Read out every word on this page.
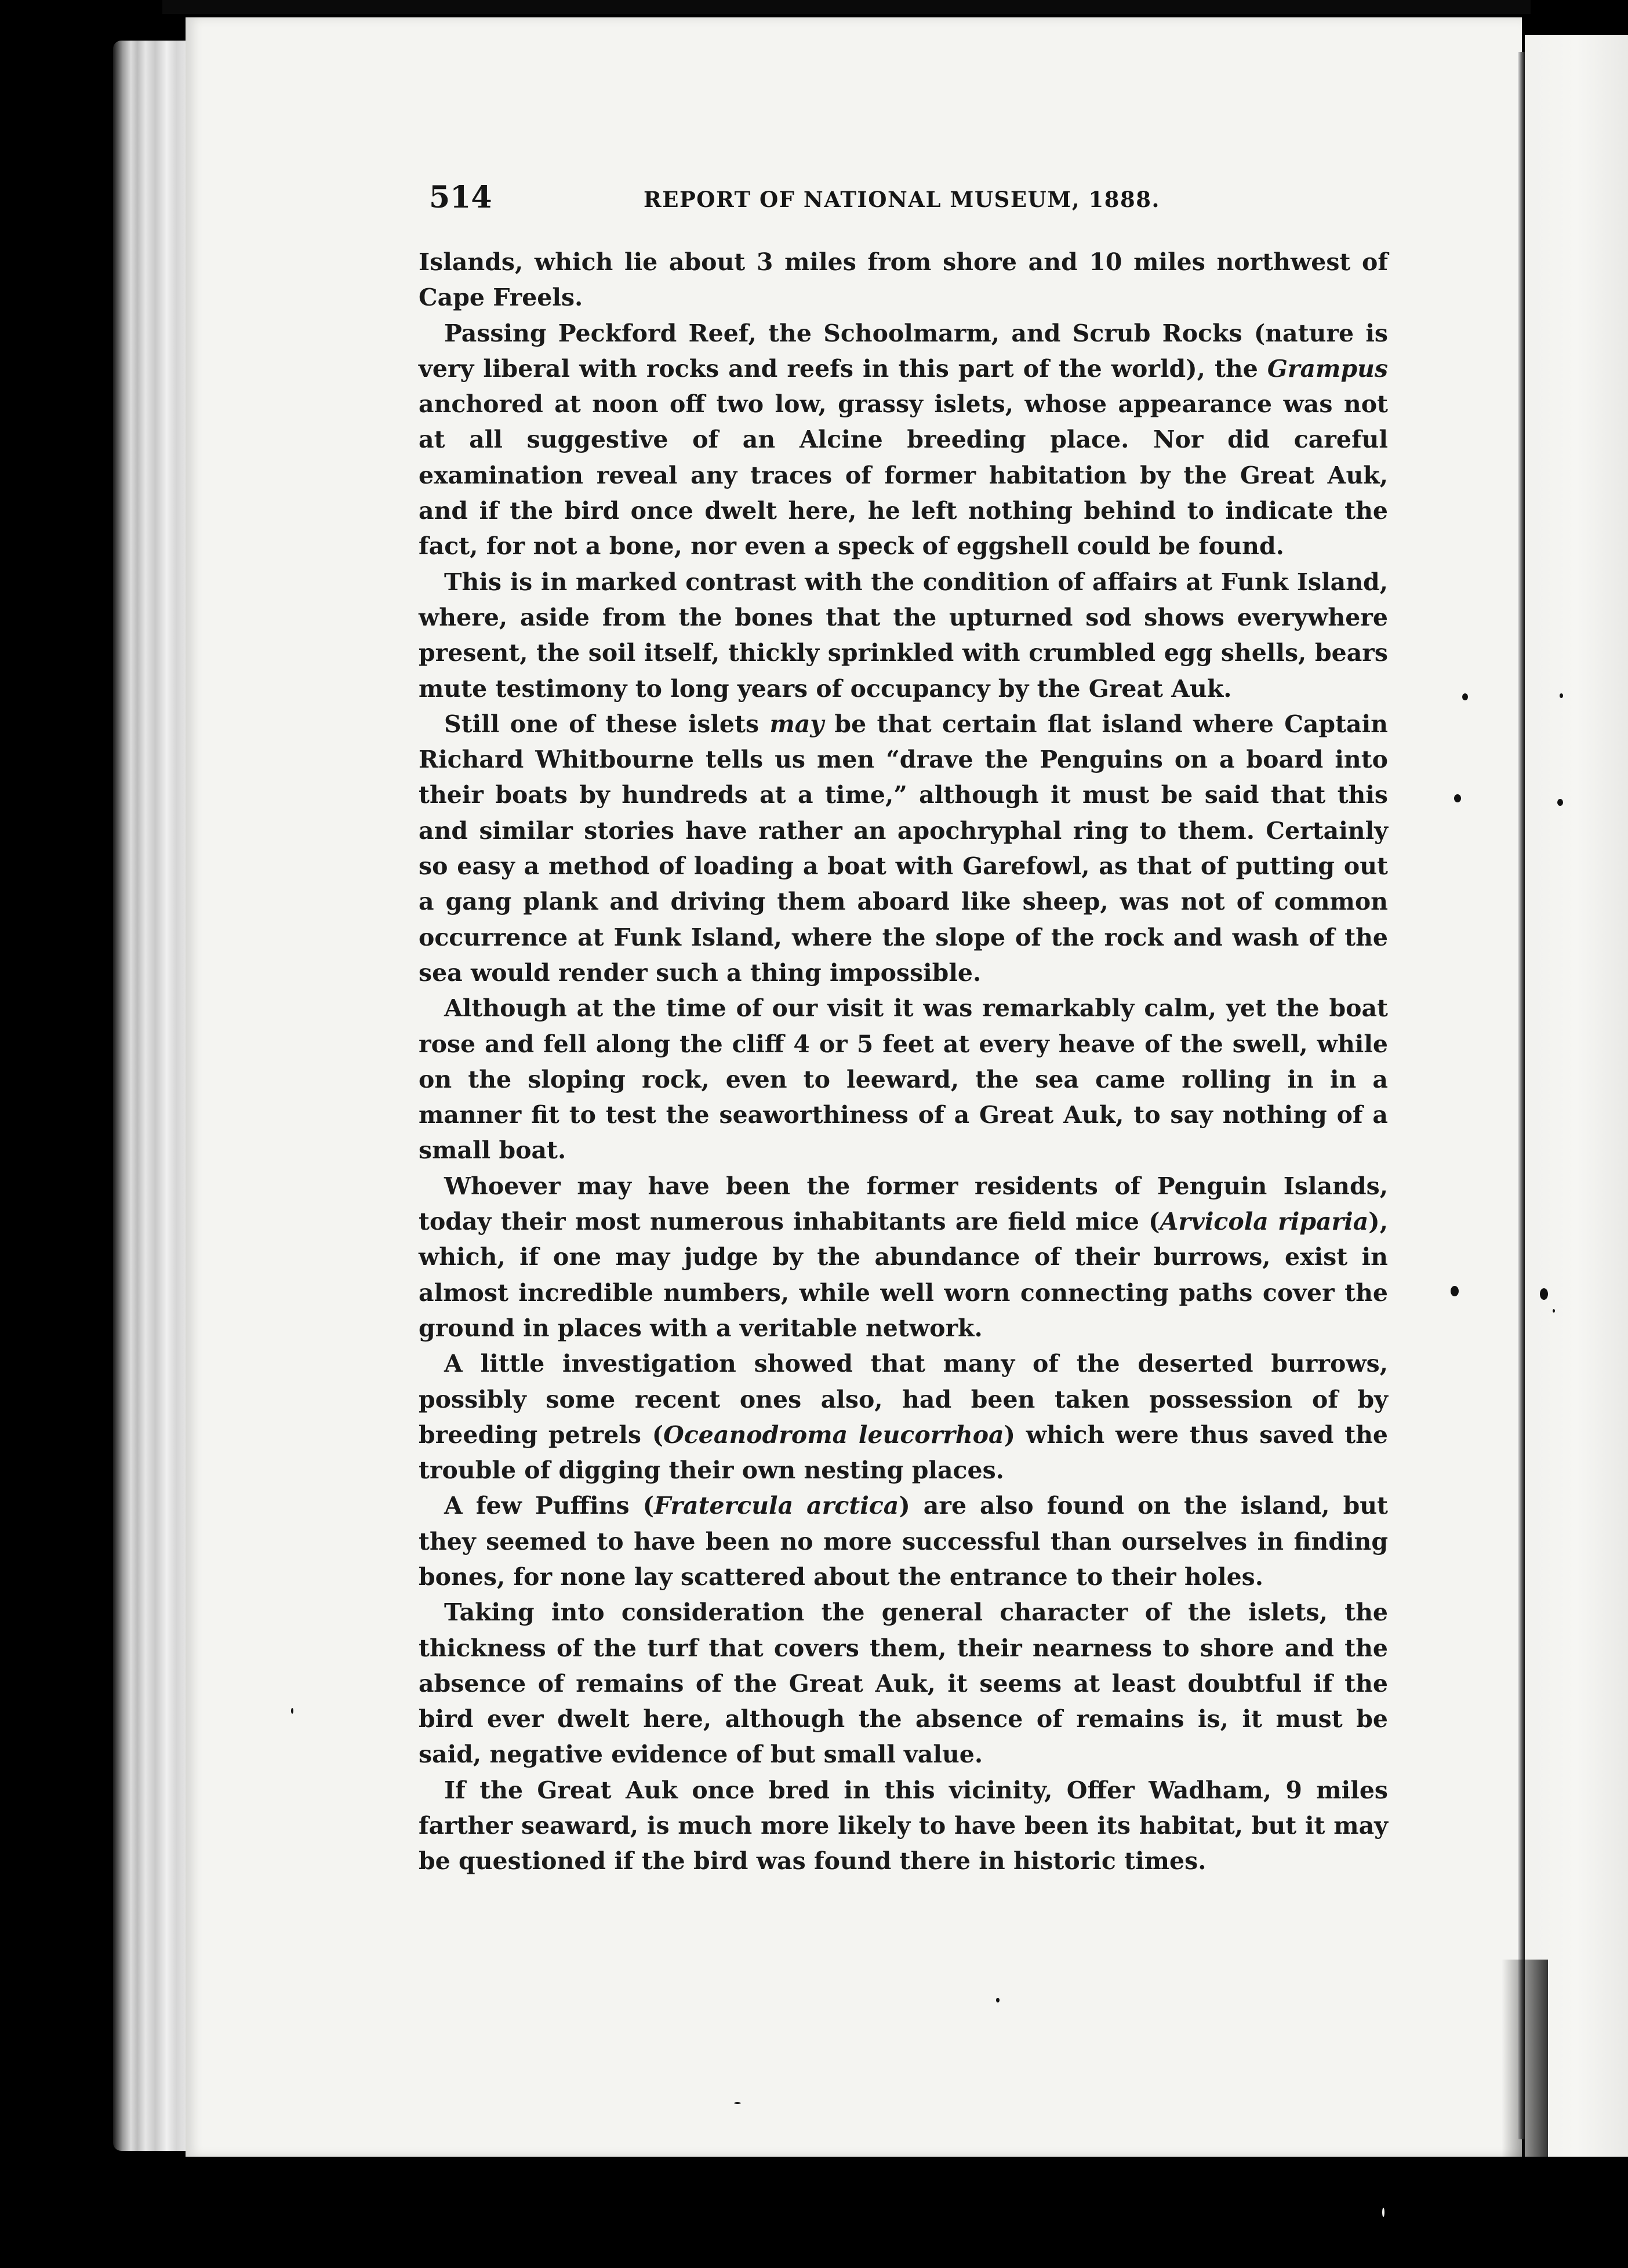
514	REPORT OF NATIONAL MUSEUM, 1888.

Islands, which lie about 3 miles from shore and 10 miles northwest of Cape Freels.

Passing Peckford Reef, the Schoolmarm, and Scrub Rocks (nature is very liberal with rocks and reefs in this part of the world), the Grampus anchored at noon off two low, grassy islets, whose appearance was not at all suggestive of an Alcine breeding place. Nor did careful examination reveal any traces of former habitation by the Great Auk, and if the bird once dwelt here, he left nothing behind to indicate the fact, for not a bone, nor even a speck of eggshell could be found.

This is in marked contrast with the condition of affairs at Funk Island, where, aside from the bones that the upturned sod shows everywhere present, the soil itself, thickly sprinkled with crumbled egg shells, bears mute testimony to long years of occupancy by the Great Auk.

Still one of these islets may be that certain flat island where Captain Richard Whitbourne tells us men “drave the Penguins on a board into their boats by hundreds at a time,” although it must be said that this and similar stories have rather an apochryphal ring to them. Certainly so easy a method of loading a boat with Garefowl, as that of putting out a gang plank and driving them aboard like sheep, was not of common occurrence at Funk Island, where the slope of the rock and wash of the sea would render such a thing impossible.

Although at the time of our visit it was remarkably calm, yet the boat rose and fell along the cliff 4 or 5 feet at every heave of the swell, while on the sloping rock, even to leeward, the sea came rolling in in a manner fit to test the seaworthiness of a Great Auk, to say nothing of a small boat.

Whoever may have been the former residents of Penguin Islands, today their most numerous inhabitants are field mice (Arvicola riparia), which, if one may judge by the abundance of their burrows, exist in almost incredible numbers, while well worn connecting paths cover the ground in places with a veritable network.

A little investigation showed that many of the deserted burrows, possibly some recent ones also, had been taken possession of by breeding petrels (Oceanodroma leucorrhoa) which were thus saved the trouble of digging their own nesting places.

A few Puffins (Fratercula arctica) are also found on the island, but they seemed to have been no more successful than ourselves in finding bones, for none lay scattered about the entrance to their holes.

Taking into consideration the general character of the islets, the thickness of the turf that covers them, their nearness to shore and the absence of remains of the Great Auk, it seems at least doubtful if the bird ever dwelt here, although the absence of remains is, it must be said, negative evidence of but small value.

If the Great Auk once bred in this vicinity, Offer Wadham, 9 miles farther seaward, is much more likely to have been its habitat, but it may be questioned if the bird was found there in historic times.
